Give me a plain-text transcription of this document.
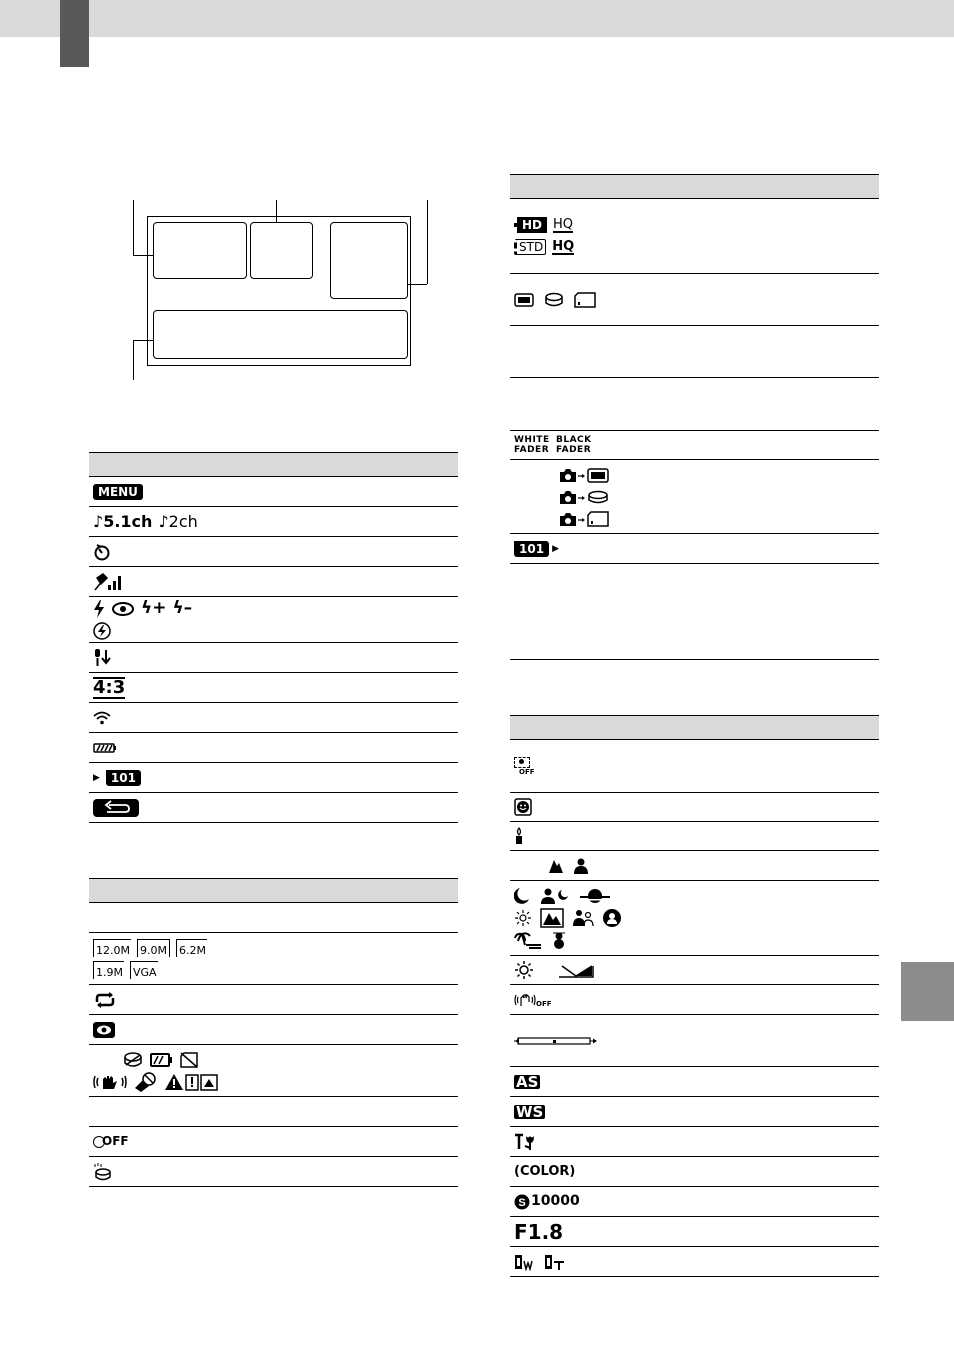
MENU
♪5.1ch ♪2ch
ϟ+ ϟ–
4:3
▶ 101
12.0M 9.0M 6.2M
1.9M VGA
OFF
HD HQ
STD HQ
WHITE FADER
BLACK FADER
101 ▶
OFF
OFF
AS
WS
(COLOR)
S 10000
F1.8
